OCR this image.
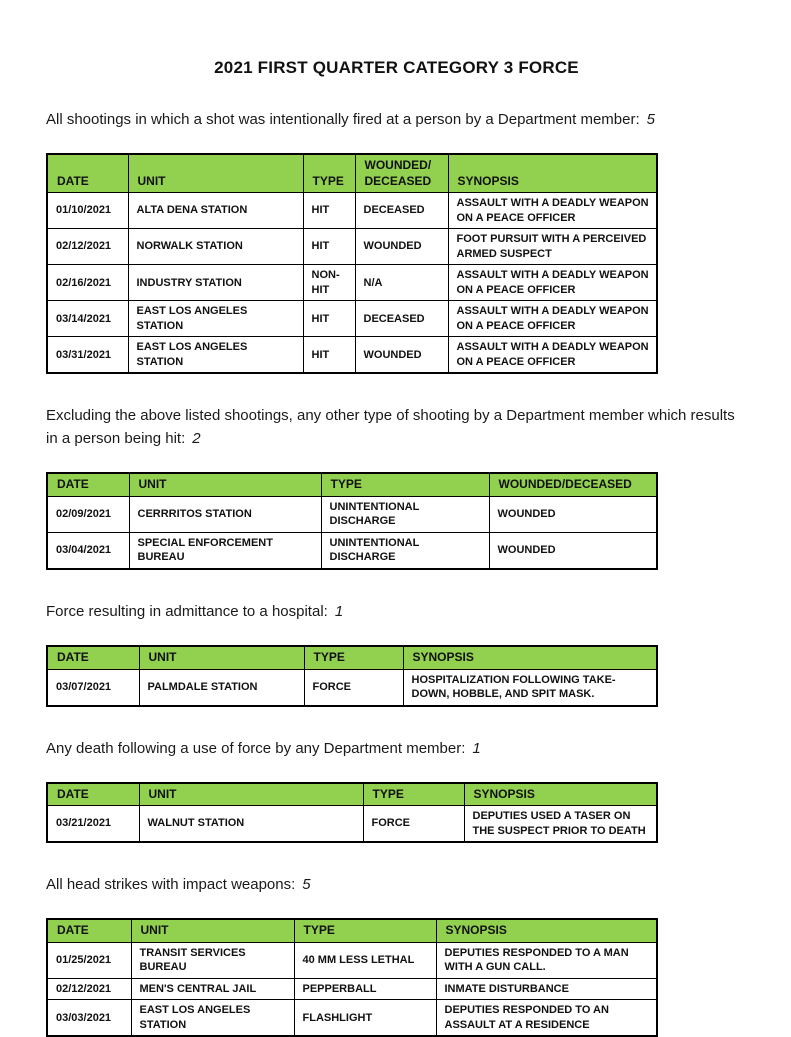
2021 FIRST QUARTER CATEGORY 3 FORCE

All shootings in which a shot was intentionally fired at a person by a Department member: 5

DATE	UNIT	TYPE	WOUNDED/DECEASED	SYNOPSIS
01/10/2021	ALTA DENA STATION	HIT	DECEASED	ASSAULT WITH A DEADLY WEAPON ON A PEACE OFFICER
02/12/2021	NORWALK STATION	HIT	WOUNDED	FOOT PURSUIT WITH A PERCEIVED ARMED SUSPECT
02/16/2021	INDUSTRY STATION	NON-HIT	N/A	ASSAULT WITH A DEADLY WEAPON ON A PEACE OFFICER
03/14/2021	EAST LOS ANGELES STATION	HIT	DECEASED	ASSAULT WITH A DEADLY WEAPON ON A PEACE OFFICER
03/31/2021	EAST LOS ANGELES STATION	HIT	WOUNDED	ASSAULT WITH A DEADLY WEAPON ON A PEACE OFFICER

Excluding the above listed shootings, any other type of shooting by a Department member which results in a person being hit: 2

DATE	UNIT	TYPE	WOUNDED/DECEASED
02/09/2021	CERRRITOS STATION	UNINTENTIONAL DISCHARGE	WOUNDED
03/04/2021	SPECIAL ENFORCEMENT BUREAU	UNINTENTIONAL DISCHARGE	WOUNDED

Force resulting in admittance to a hospital: 1

DATE	UNIT	TYPE	SYNOPSIS
03/07/2021	PALMDALE STATION	FORCE	HOSPITALIZATION FOLLOWING TAKE-DOWN, HOBBLE, AND SPIT MASK.

Any death following a use of force by any Department member: 1

DATE	UNIT	TYPE	SYNOPSIS
03/21/2021	WALNUT STATION	FORCE	DEPUTIES USED A TASER ON THE SUSPECT PRIOR TO DEATH

All head strikes with impact weapons: 5

DATE	UNIT	TYPE	SYNOPSIS
01/25/2021	TRANSIT SERVICES BUREAU	40 MM LESS LETHAL	DEPUTIES RESPONDED TO A MAN WITH A GUN CALL.
02/12/2021	MEN'S CENTRAL JAIL	PEPPERBALL	INMATE DISTURBANCE
03/03/2021	EAST LOS ANGELES STATION	FLASHLIGHT	DEPUTIES RESPONDED TO AN ASSAULT AT A RESIDENCE
